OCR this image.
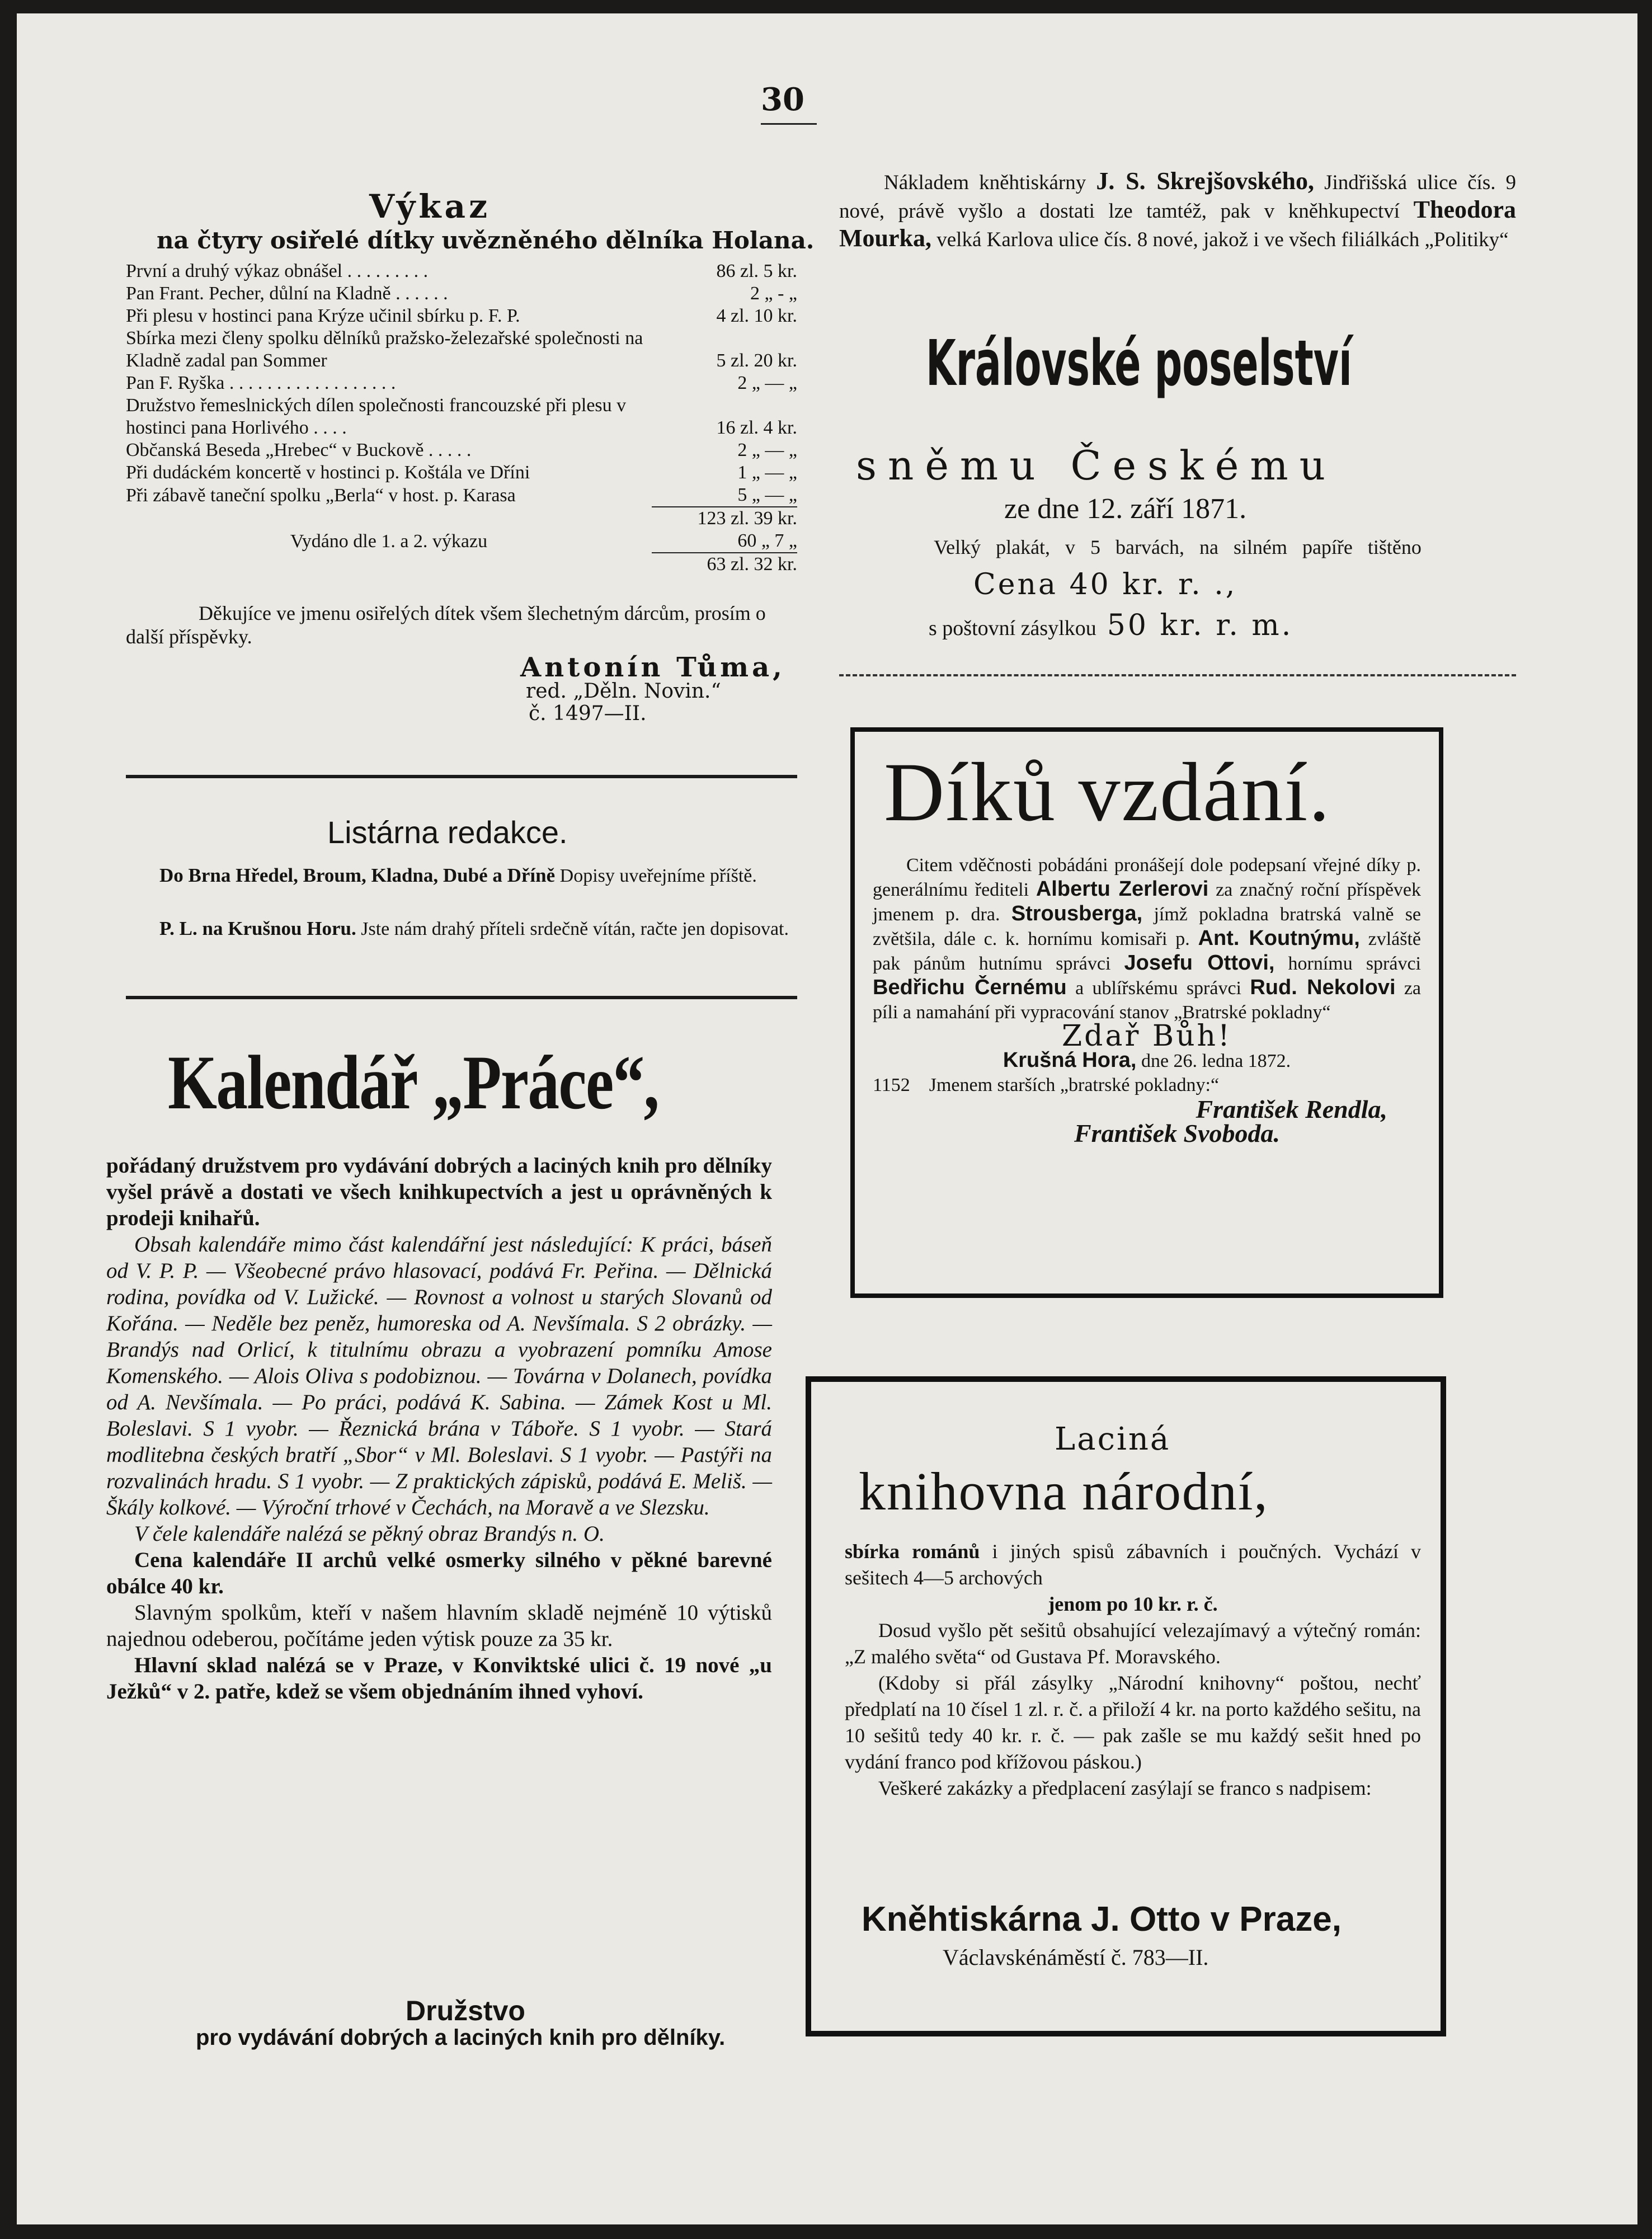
30
Výkaz
na čtyry osiřelé dítky uvězněného dělníka Holana.
První a druhý výkaz obnášel . . . . . . . . .	86 zl. 5 kr.
Pan Frant. Pecher, důlní na Kladně . . . . . .	2 „ - „
Při plesu v hostinci pana Krýze učinil sbírku p. F. P.	4 zl. 10 kr.
Sbírka mezi členy spolku dělníků pražsko-železařské společnosti na Kladně zadal pan Sommer	5 zl. 20 kr.
Pan F. Ryška . . . . . . . . . . . . . . . . . .	2 „ — „
Družstvo řemeslnických dílen společnosti francouzské při plesu v hostinci pana Horlivého . . . .	16 zl. 4 kr.
Občanská Beseda „Hrebec“ v Buckově . . . . .	2 „ — „
Při dudáckém koncertě v hostinci p. Koštála ve Dříni	1 „ — „
Při zábavě taneční spolku „Berla“ v host. p. Karasa	5 „ — „
	123 zl. 39 kr.
Vydáno dle 1. a 2. výkazu	60 „ 7 „
	63 zl. 32 kr.
Děkujíce ve jmenu osiřelých dítek všem šlechetným dárcům, prosím o další příspěvky.
Antonín Tůma,
red. „Děln. Novin.“
č. 1497—II.
Listárna redakce.
Do Brna Hředel, Broum, Kladna, Dubé a Dříně Dopisy uveřejníme příště.
P. L. na Krušnou Horu. Jste nám drahý příteli srdečně vítán, račte jen dopisovat.
Kalendář „Práce“,

pořádaný družstvem pro vydávání dobrých a laciných knih pro dělníky vyšel právě a dostati ve všech knihkupectvích a jest u oprávněných k prodeji knihařů.

Obsah kalendáře mimo část kalendářní jest následující: K práci, báseň od V. P. P. — Všeobecné právo hlasovací, podává Fr. Peřina. — Dělnická rodina, povídka od V. Lužické. — Rovnost a volnost u starých Slovanů od Kořána. — Neděle bez peněz, humoreska od A. Nevšímala. S 2 obrázky. — Brandýs nad Orlicí, k titulnímu obrazu a vyobrazení pomníku Amose Komenského. — Alois Oliva s podobiznou. — Továrna v Dolanech, povídka od A. Nevšímala. — Po práci, podává K. Sabina. — Zámek Kost u Ml. Boleslavi. S 1 vyobr. — Řeznická brána v Táboře. S 1 vyobr. — Stará modlitebna českých bratří „Sbor“ v Ml. Boleslavi. S 1 vyobr. — Pastýři na rozvalinách hradu. S 1 vyobr. — Z praktických zápisků, podává E. Meliš. — Škály kolkové. — Výroční trhové v Čechách, na Moravě a ve Slezsku.

V čele kalendáře nalézá se pěkný obraz Brandýs n. O.

Cena kalendáře II archů velké osmerky silného v pěkné barevné obálce 40 kr.

Slavným spolkům, kteří v našem hlavním skladě nejméně 10 výtisků najednou odeberou, počítáme jeden výtisk pouze za 35 kr.

Hlavní sklad nalézá se v Praze, v Konviktské ulici č. 19 nové „u Ježků“ v 2. patře, kdež se všem objednáním ihned vyhoví.

Družstvo
pro vydávání dobrých a laciných knih pro dělníky.
Nákladem kněhtiskárny J. S. Skrejšovského, Jindřišská ulice čís. 9 nové, právě vyšlo a dostati lze tamtéž, pak v kněhkupectví Theodora Mourka, velká Karlova ulice čís. 8 nové, jakož i ve všech filiálkách „Politiky“
Královské poselství
sněmu Českému
ze dne 12. září 1871.
Velký plakát, v 5 barvách, na silném papíře tištěno
Cena 40 kr. r. .,
s poštovní zásylkou 50 kr. r. m.
Díků vzdání.

Citem vděčnosti pobádáni pronášejí dole podepsaní vřejné díky p. generálnímu řediteli Albertu Zerlerovi za značný roční příspěvek jmenem p. dra. Strousberga, jímž pokladna bratrská valně se zvětšila, dále c. k. hornímu komisaři p. Ant. Koutnýmu, zvláště pak pánům hutnímu správci Josefu Ottovi, hornímu správci Bedřichu Černému a ublířskému správci Rud. Nekolovi za píli a namahání při vypracování stanov „Bratrské pokladny“

Zdař Bůh!

Krušná Hora, dne 26. ledna 1872.

1152 Jmenem starších „bratrské pokladny:“

František Rendla,

František Svoboda.

Laciná
knihovna národní,

sbírka románů i jiných spisů zábavních i poučných. Vychází v sešitech 4—5 archových
jenom po 10 kr. r. č.

Dosud vyšlo pět sešitů obsahující velezajímavý a výtečný román: „Z malého světa“ od Gustava Pf. Moravského.

(Kdoby si přál zásylky „Národní knihovny“ poštou, nechť předplatí na 10 čísel 1 zl. r. č. a přiloží 4 kr. na porto každého sešitu, na 10 sešitů tedy 40 kr. r. č. — pak zašle se mu každý sešit hned po vydání franco pod křížovou páskou.)

Veškeré zakázky a předplacení zasýlají se franco s nadpisem:

Kněhtiskárna J. Otto v Praze,
Václavskénáměstí č. 783—II.
